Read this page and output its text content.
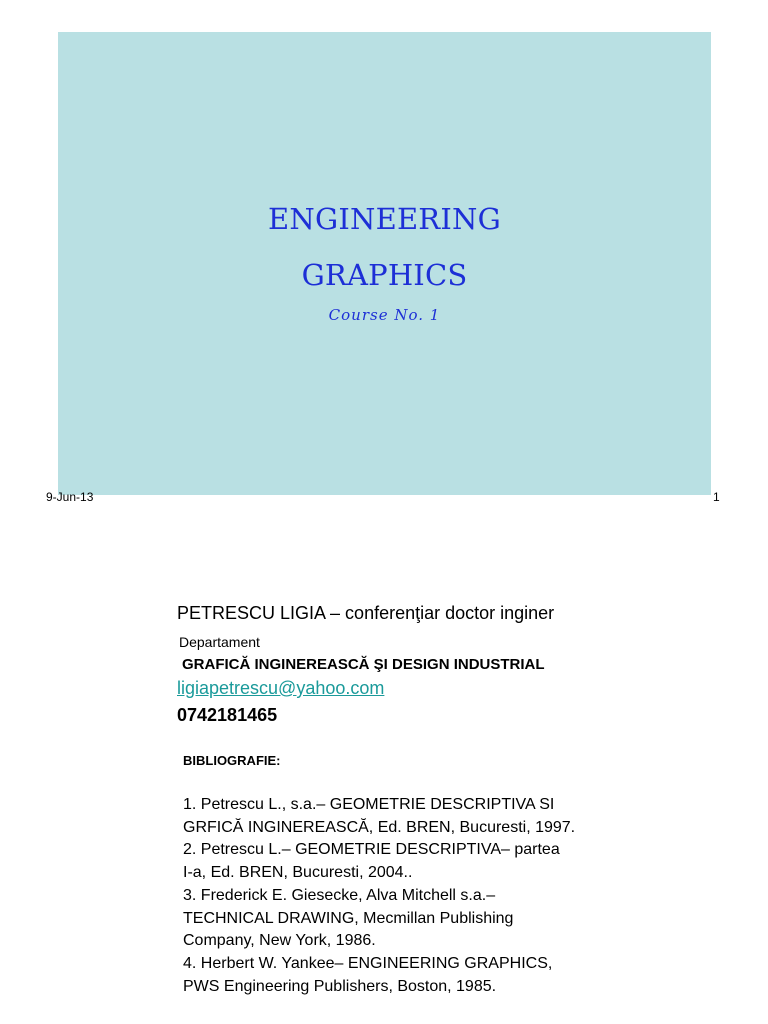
ENGINEERING
GRAPHICS
Course No. 1
9-Jun-13	1
PETRESCU LIGIA – conferenţiar doctor inginer
Departament
GRAFICĂ INGINEREASCĂ ŞI DESIGN INDUSTRIAL
ligiapetrescu@yahoo.com
0742181465
BIBLIOGRAFIE:
1. Petrescu L., s.a.– GEOMETRIE DESCRIPTIVA SI
GRFICĂ INGINEREASCĂ, Ed. BREN, Bucuresti, 1997.
2. Petrescu L.– GEOMETRIE DESCRIPTIVA– partea
I-a, Ed. BREN, Bucuresti, 2004..
3. Frederick E. Giesecke, Alva Mitchell s.a.–
TECHNICAL DRAWING, Mecmillan Publishing
Company, New York, 1986.
4. Herbert W. Yankee– ENGINEERING GRAPHICS,
PWS Engineering Publishers, Boston, 1985.
